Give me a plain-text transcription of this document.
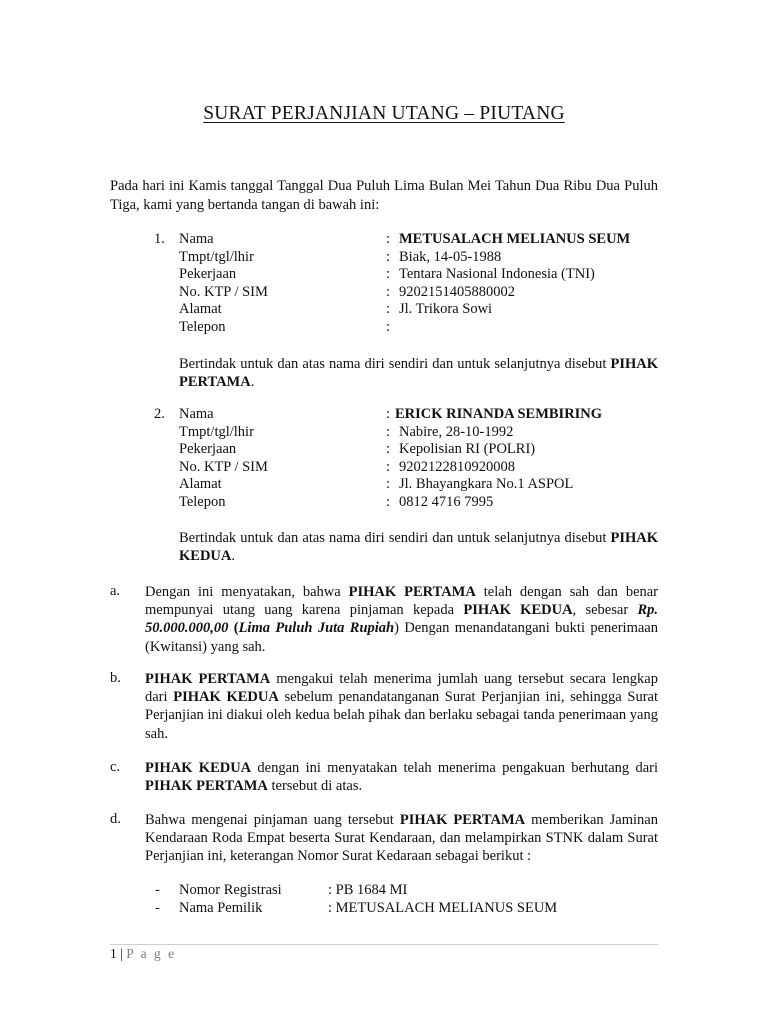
SURAT PERJANJIAN UTANG – PIUTANG
Pada hari ini Kamis tanggal Tanggal Dua Puluh Lima Bulan Mei Tahun Dua Ribu Dua Puluh Tiga, kami yang bertanda tangan di bawah ini:
1. Nama	: METUSALACH MELIANUS SEUM
Tmpt/tgl/lhir	: Biak, 14-05-1988
Pekerjaan	: Tentara Nasional Indonesia (TNI)
No. KTP / SIM	: 9202151405880002
Alamat	: Jl. Trikora Sowi
Telepon	:
Bertindak untuk dan atas nama diri sendiri dan untuk selanjutnya disebut PIHAK PERTAMA.
2. Nama	: ERICK RINANDA SEMBIRING
Tmpt/tgl/lhir	: Nabire, 28-10-1992
Pekerjaan	: Kepolisian RI (POLRI)
No. KTP / SIM	: 9202122810920008
Alamat	: Jl. Bhayangkara No.1 ASPOL
Telepon	: 0812 4716 7995
Bertindak untuk dan atas nama diri sendiri dan untuk selanjutnya disebut PIHAK KEDUA.
a. Dengan ini menyatakan, bahwa PIHAK PERTAMA telah dengan sah dan benar mempunyai utang uang karena pinjaman kepada PIHAK KEDUA, sebesar Rp. 50.000.000,00 (Lima Puluh Juta Rupiah) Dengan menandatangani bukti penerimaan (Kwitansi) yang sah.
b. PIHAK PERTAMA mengakui telah menerima jumlah uang tersebut secara lengkap dari PIHAK KEDUA sebelum penandatanganan Surat Perjanjian ini, sehingga Surat Perjanjian ini diakui oleh kedua belah pihak dan berlaku sebagai tanda penerimaan yang sah.
c. PIHAK KEDUA dengan ini menyatakan telah menerima pengakuan berhutang dari PIHAK PERTAMA tersebut di atas.
d. Bahwa mengenai pinjaman uang tersebut PIHAK PERTAMA memberikan Jaminan Kendaraan Roda Empat beserta Surat Kendaraan, dan melampirkan STNK dalam Surat Perjanjian ini, keterangan Nomor Surat Kedaraan sebagai berikut :
- Nomor Registrasi	: PB 1684 MI
- Nama Pemilik	: METUSALACH MELIANUS SEUM
1 | P a g e
